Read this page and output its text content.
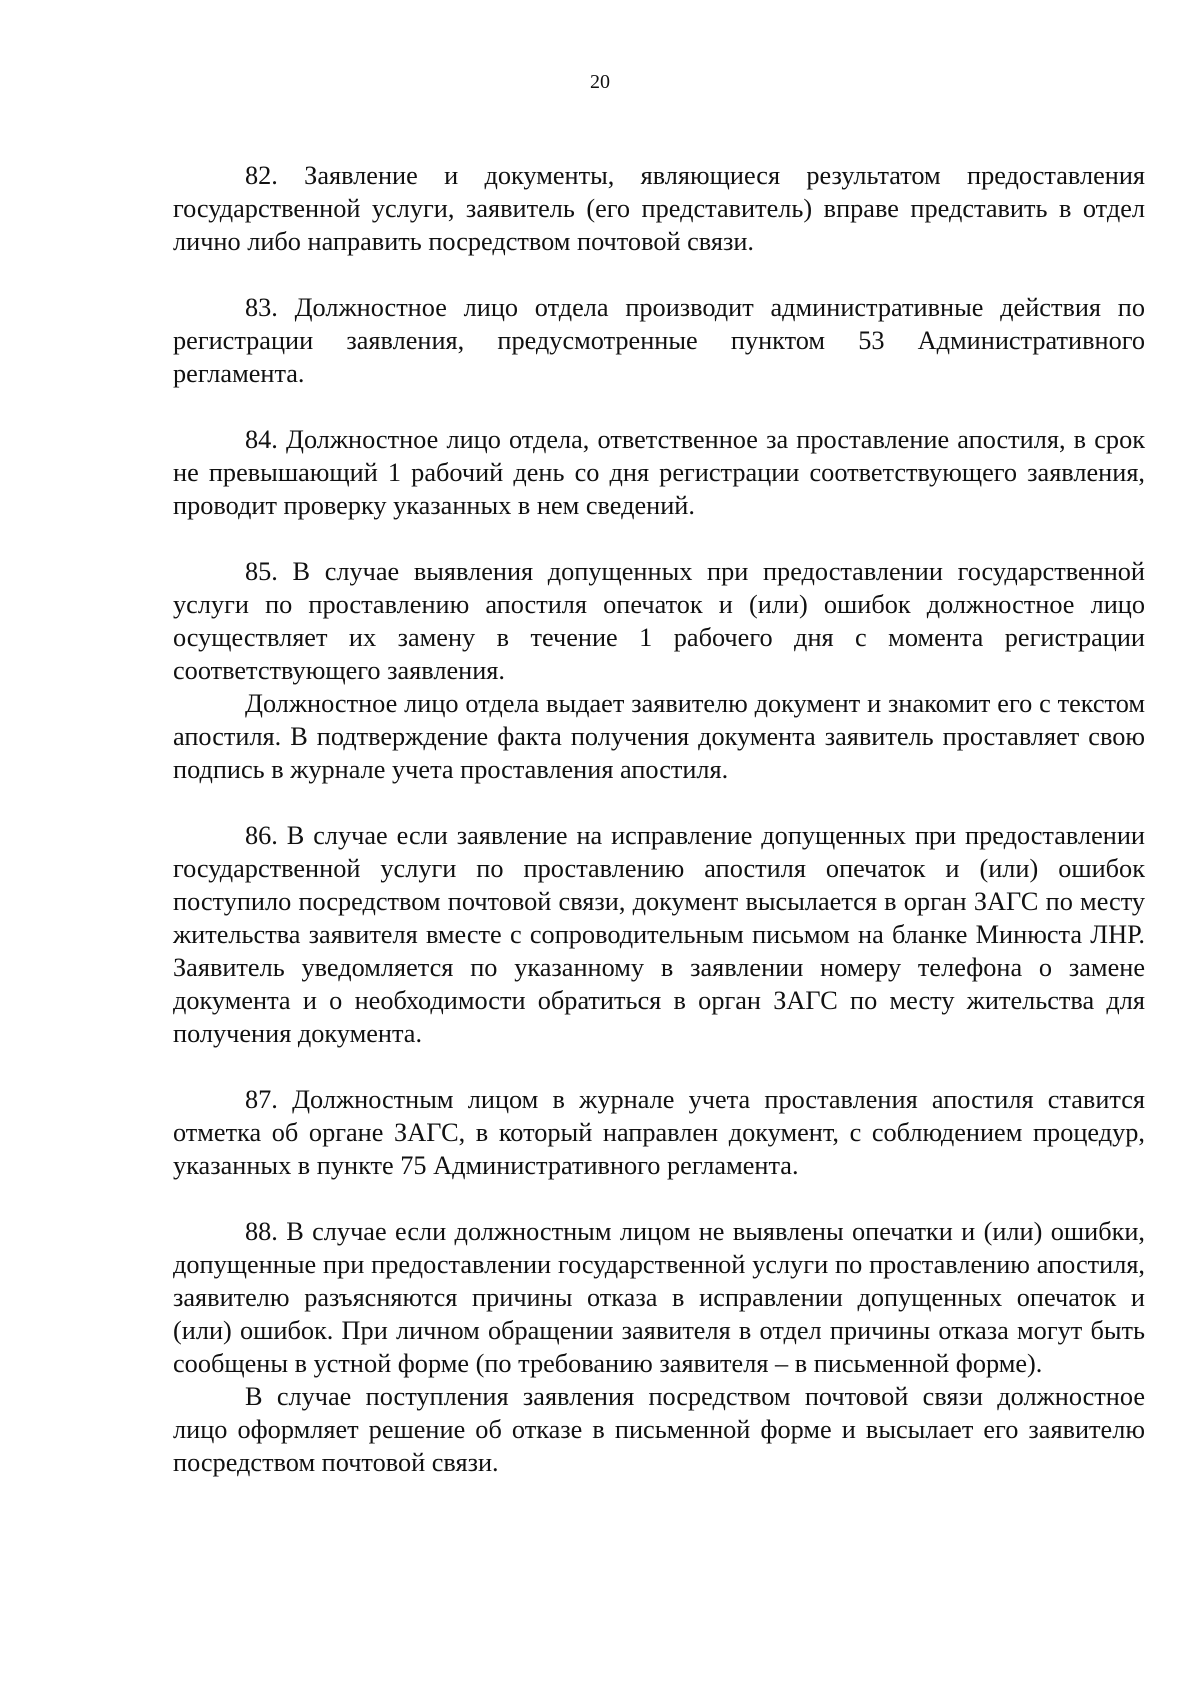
20

82. Заявление и документы, являющиеся результатом предоставления государственной услуги, заявитель (его представитель) вправе представить в отдел лично либо направить посредством почтовой связи.

83. Должностное лицо отдела производит административные действия по регистрации заявления, предусмотренные пунктом 53 Административного регламента.

84. Должностное лицо отдела, ответственное за проставление апостиля, в срок не превышающий 1 рабочий день со дня регистрации соответствующего заявления, проводит проверку указанных в нем сведений.

85. В случае выявления допущенных при предоставлении государственной услуги по проставлению апостиля опечаток и (или) ошибок должностное лицо осуществляет их замену в течение 1 рабочего дня с момента регистрации соответствующего заявления.

Должностное лицо отдела выдает заявителю документ и знакомит его с текстом апостиля. В подтверждение факта получения документа заявитель проставляет свою подпись в журнале учета проставления апостиля.

86. В случае если заявление на исправление допущенных при предоставлении государственной услуги по проставлению апостиля опечаток и (или) ошибок поступило посредством почтовой связи, документ высылается в орган ЗАГС по месту жительства заявителя вместе с сопроводительным письмом на бланке Минюста ЛНР. Заявитель уведомляется по указанному в заявлении номеру телефона о замене документа и о необходимости обратиться в орган ЗАГС по месту жительства для получения документа.

87. Должностным лицом в журнале учета проставления апостиля ставится отметка об органе ЗАГС, в который направлен документ, с соблюдением процедур, указанных в пункте 75 Административного регламента.

88. В случае если должностным лицом не выявлены опечатки и (или) ошибки, допущенные при предоставлении государственной услуги по проставлению апостиля, заявителю разъясняются причины отказа в исправлении допущенных опечаток и (или) ошибок. При личном обращении заявителя в отдел причины отказа могут быть сообщены в устной форме (по требованию заявителя – в письменной форме).

В случае поступления заявления посредством почтовой связи должностное лицо оформляет решение об отказе в письменной форме и высылает его заявителю посредством почтовой связи.
